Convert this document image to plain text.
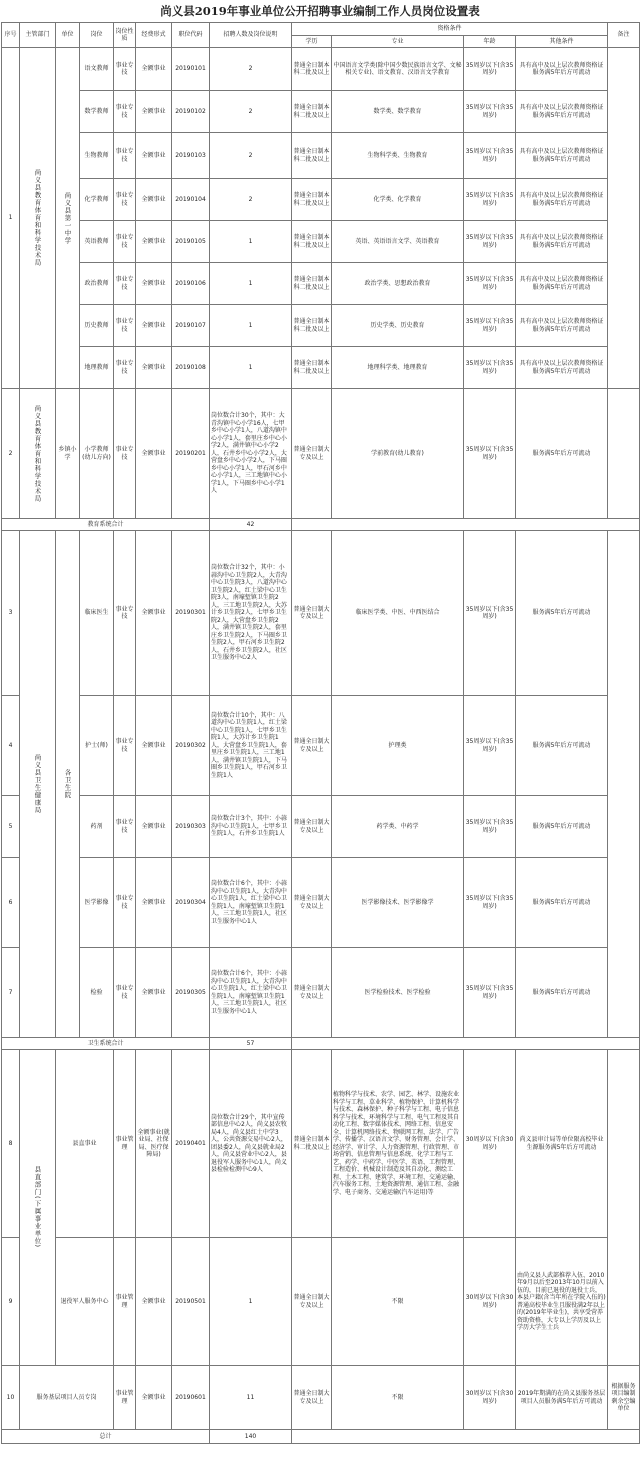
尚义县2019年事业单位公开招聘事业编制工作人员岗位设置表
序号	主管部门	单位	岗位	岗位性质	经费形式	职位代码	招聘人数及岗位说明	资格条件				备注
								学历	专业	年龄	其他条件	
1	尚义县教育体育和科学技术局	尚义县第一中学	语文教师	事业专技	全额事业	20190101	2	普通全日制本科二批及以上	中国语言文学类(除中国少数民族语言文学、文秘相关专业)、语文教育、汉语言文学教育	35周岁以下(含35周岁)	具有高中及以上层次教师资格证服务满5年后方可流动	
			数学教师	事业专技	全额事业	20190102	2	普通全日制本科二批及以上	数学类、数学教育	35周岁以下(含35周岁)	具有高中及以上层次教师资格证服务满5年后方可流动	
			生物教师	事业专技	全额事业	20190103	2	普通全日制本科二批及以上	生物科学类、生物教育	35周岁以下(含35周岁)	具有高中及以上层次教师资格证服务满5年后方可流动	
			化学教师	事业专技	全额事业	20190104	2	普通全日制本科二批及以上	化学类、化学教育	35周岁以下(含35周岁)	具有高中及以上层次教师资格证服务满5年后方可流动	
			英语教师	事业专技	全额事业	20190105	1	普通全日制本科二批及以上	英语、英语语言文学、英语教育	35周岁以下(含35周岁)	具有高中及以上层次教师资格证服务满5年后方可流动	
			政治教师	事业专技	全额事业	20190106	1	普通全日制本科二批及以上	政治学类、思想政治教育	35周岁以下(含35周岁)	具有高中及以上层次教师资格证服务满5年后方可流动	
			历史教师	事业专技	全额事业	20190107	1	普通全日制本科二批及以上	历史学类、历史教育	35周岁以下(含35周岁)	具有高中及以上层次教师资格证服务满5年后方可流动	
			地理教师	事业专技	全额事业	20190108	1	普通全日制本科二批及以上	地理科学类、地理教育	35周岁以下(含35周岁)	具有高中及以上层次教师资格证服务满5年后方可流动	
2	尚义县教育体育和科学技术局	乡镇小学	小学教师(幼儿方向)	事业专技	全额事业	20190201	岗位数合计30个，其中：大青沟镇中心小学16人，七甲乡中心小学1人，八道沟镇中心小学1人，套里庄乡中心小学2人，满井镇中心小学2人，石井乡中心小学2人，大营盘乡中心小学2人，下马圈乡中心小学1人，甲石河乡中心小学1人，三工地镇中心小学1人，下马圈乡中心小学1人	普通全日制大专及以上	学前教育(幼儿教育)	35周岁以下(含35周岁)	服务满5年后方可流动	
教育系统合计							42					
3	尚义县卫生健康局	各卫生院	临床医生	事业专技	全额事业	20190301	岗位数合计32个，其中：小蒜沟中心卫生院2人，大青沟中心卫生院3人，八道沟中心卫生院2人，红土梁中心卫生院3人，南壕堑镇卫生院2人，三工地卫生院2人，大苏计乡卫生院2人，七甲乡卫生院2人，大营盘乡卫生院2人，满井镇卫生院2人，套里庄乡卫生院2人，下马圈乡卫生院2人，甲石河乡卫生院2人，石井乡卫生院2人，社区卫生服务中心2人	普通全日制大专及以上	临床医学类、中医、中西医结合	35周岁以下(含35周岁)	服务满5年后方可流动	
4			护士(师)	事业专技	全额事业	20190302	岗位数合计10个，其中：八道沟中心卫生院1人，红土梁中心卫生院1人，七甲乡卫生院1人，大苏计乡卫生院1人，大营盘乡卫生院1人，套里庄乡卫生院1人，三工地1人，满井镇卫生院1人，下马圈乡卫生院1人，甲石河乡卫生院1人	普通全日制大专及以上	护理类	35周岁以下(含35周岁)	服务满5年后方可流动	
5			药剂	事业专技	全额事业	20190303	岗位数合计3个，其中：小蒜沟中心卫生院1人，七甲乡卫生院1人，石井乡卫生院1人	普通全日制大专及以上	药学类、中药学	35周岁以下(含35周岁)	服务满5年后方可流动	
6			医学影像	事业专技	全额事业	20190304	岗位数合计6个，其中：小蒜沟中心卫生院1人，大青沟中心卫生院1人，红土梁中心卫生院1人，南壕堑镇卫生院1人，三工地卫生院1人，社区卫生服务中心1人	普通全日制大专及以上	医学影像技术、医学影像学	35周岁以下(含35周岁)	服务满5年后方可流动	
7			检验	事业专技	全额事业	20190305	岗位数合计6个，其中：小蒜沟中心卫生院1人，大青沟中心卫生院1人，红土梁中心卫生院1人，南壕堑镇卫生院1人，三工地卫生院1人，社区卫生服务中心1人	普通全日制大专及以上	医学检验技术、医学检验	35周岁以下(含35周岁)	服务满5年后方可流动	
卫生系统合计							57					
8	县直部门(下属事业单位)	县直事业		事业管理	全额事业(就业局、社保局、医疗保障局)	20190401	岗位数合计29个，其中宣传部信息中心2人，尚义县农牧局4人，尚义县红土中学3人，公共资源交易中心2人，团县委2人，尚义县就业局2人，尚义县营业中心2人，县退役军人服务中心1人，尚义县检验检测中心9人	普通全日制本科二批及以上	植物科学与技术、农学、园艺、林学、设施农业科学与工程、草业科学、植物保护、计算机科学与技术、森林保护、种子科学与工程、电子信息科学与技术、环境科学与工程、电气工程及其自动化工程、数字媒体技术、网络工程、信息安全、计算机网络技术、物联网工程、法学、广告学、传播学、汉语言文学、财务管理、会计学、经济学、审计学、人力资源管理、行政管理、市场营销、信息管理与信息系统、化学工程与工艺、药学、中药学、中医学、英语、工程管理、工程造价、机械设计制造及其自动化、测绘工程、土木工程、建筑学、环境工程、交通运输、汽车服务工程、土地资源管理、通信工程、金融学、电子商务、交通运输(汽车运用)等	30周岁以下(含30周岁)	尚义县审计局等单位限高校毕业生源服务满5年后方可流动	
9		退役军人服务中心		事业管理	全额事业	20190501	1	普通全日制大专及以上	不限	30周岁以下(含30周岁)	由尚义县人武部推荐入伍、2010年9月以后至2013年10月以前入伍的，目前已退役的退役士兵，本县户籍(含当年所在学院入伍的)普通高校毕业生且服役满2年以上的(2019年毕业生)，共享受营养资助资格，大专以上学历及以上学历大学生士兵	
10	服务基层项目人员专岗			事业管理	全额事业	20190601	11	普通全日制大专及以上	不限	30周岁以下(含30周岁)	2019年期满的在尚义县服务基层项目人员服务满5年后方可流动	根据服务项目编制剩余空编单位
总计							140					
